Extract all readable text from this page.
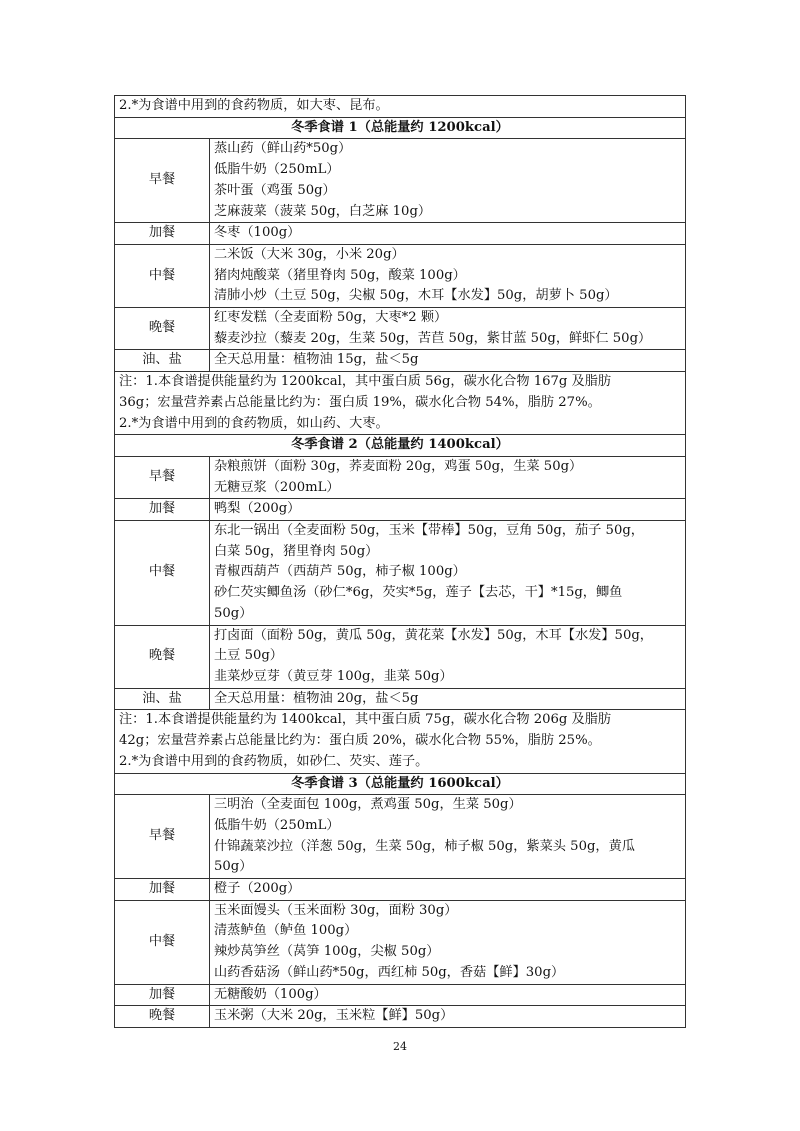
2.*为食谱中用到的食药物质，如大枣、昆布。	

冬季食谱 1（总能量约 1200kcal）	
早餐	蒸山药（鲜山药*50g）
低脂牛奶（250mL）
茶叶蛋（鸡蛋 50g）
芝麻菠菜（菠菜 50g，白芝麻 10g）

加餐	冬枣（100g）

中餐	二米饭（大米 30g，小米 20g）
猪肉炖酸菜（猪里脊肉 50g，酸菜 100g）
清肺小炒（土豆 50g，尖椒 50g，木耳【水发】50g，胡萝卜 50g）

晚餐	红枣发糕（全麦面粉 50g，大枣*2 颗）
藜麦沙拉（藜麦 20g，生菜 50g，苦苣 50g，紫甘蓝 50g，鲜虾仁 50g）

油、盐	全天总用量：植物油 15g，盐＜5g

注：1.本食谱提供能量约为 1200kcal，其中蛋白质 56g，碳水化合物 167g 及脂肪
36g；宏量营养素占总能量比约为：蛋白质 19%，碳水化合物 54%，脂肪 27%。
2.*为食谱中用到的食药物质，如山药、大枣。	

冬季食谱 2（总能量约 1400kcal）	
早餐	杂粮煎饼（面粉 30g，荞麦面粉 20g，鸡蛋 50g，生菜 50g）
无糖豆浆（200mL）

加餐	鸭梨（200g）

中餐	东北一锅出（全麦面粉 50g，玉米【带棒】50g，豆角 50g，茄子 50g，
白菜 50g，猪里脊肉 50g）
青椒西葫芦（西葫芦 50g，柿子椒 100g）
砂仁芡实鲫鱼汤（砂仁*6g，芡实*5g，莲子【去芯，干】*15g，鲫鱼
50g）

晚餐	打卤面（面粉 50g，黄瓜 50g，黄花菜【水发】50g，木耳【水发】50g，
土豆 50g）
韭菜炒豆芽（黄豆芽 100g，韭菜 50g）

油、盐	全天总用量：植物油 20g，盐＜5g

注：1.本食谱提供能量约为 1400kcal，其中蛋白质 75g，碳水化合物 206g 及脂肪
42g；宏量营养素占总能量比约为：蛋白质 20%，碳水化合物 55%，脂肪 25%。
2.*为食谱中用到的食药物质，如砂仁、芡实、莲子。	

冬季食谱 3（总能量约 1600kcal）	
早餐	三明治（全麦面包 100g，煮鸡蛋 50g，生菜 50g）
低脂牛奶（250mL）
什锦蔬菜沙拉（洋葱 50g，生菜 50g，柿子椒 50g，紫菜头 50g，黄瓜
50g）

加餐	橙子（200g）

中餐	玉米面馒头（玉米面粉 30g，面粉 30g）
清蒸鲈鱼（鲈鱼 100g）
辣炒莴笋丝（莴笋 100g，尖椒 50g）
山药香菇汤（鲜山药*50g，西红柿 50g，香菇【鲜】30g）

加餐	无糖酸奶（100g）

晚餐	玉米粥（大米 20g，玉米粒【鲜】50g）
24
